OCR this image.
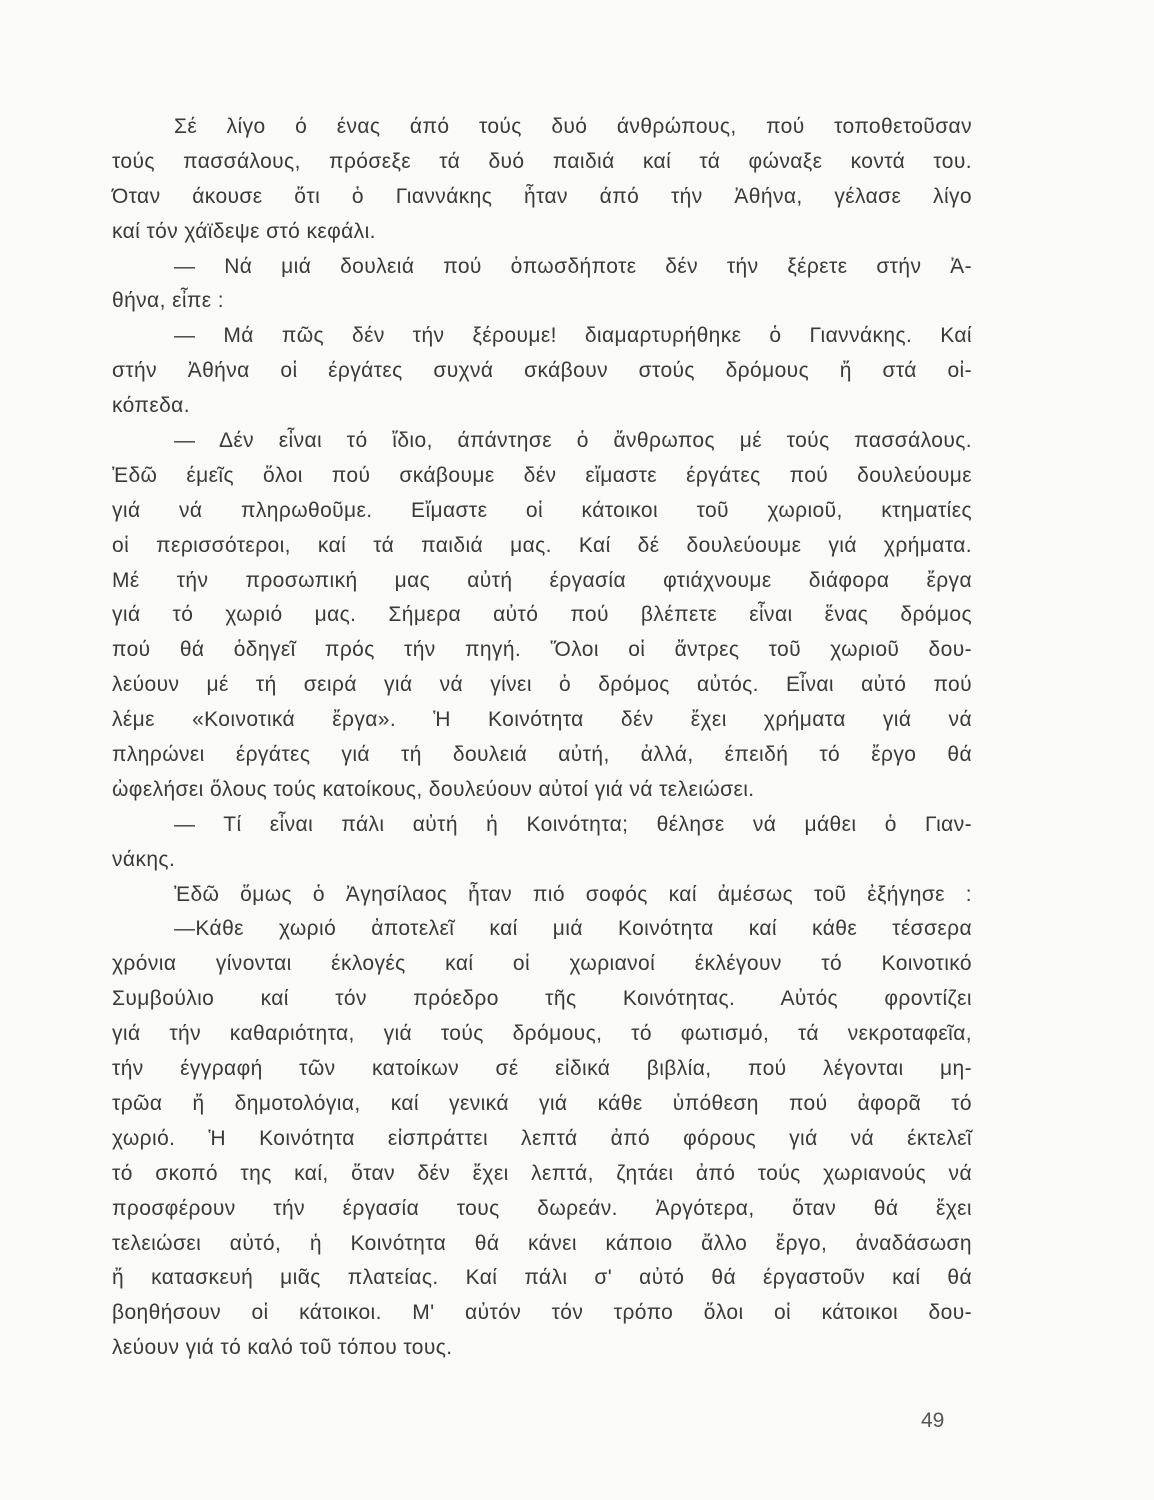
Σέ λίγο ό ένας άπό τούς δυό άνθρώπους, πού τοποθετοῦσαν
τούς πασσάλους, πρόσεξε τά δυό παιδιά καί τά φώναξε κοντά του.
Όταν άκουσε ὅτι ὁ Γιαννάκης ἦταν άπό τήν Ἀθήνα, γέλασε λίγο
καί τόν χάϊδεψε στό κεφάλι.
— Νά μιά δουλειά πού ὁπωσδήποτε δέν τήν ξέρετε στήν Ἀ-
θήνα, εἶπε :
— Μά πῶς δέν τήν ξέρουμε! διαμαρτυρήθηκε ὁ Γιαννάκης. Καί
στήν Ἀθήνα οἱ έργάτες συχνά σκάβουν στούς δρόμους ἤ στά οἰ-
κόπεδα.
— Δέν εἶναι τό ἴδιο, άπάντησε ὁ ἄνθρωπος μέ τούς πασσάλους.
Ἐδῶ έμεῖς ὅλοι πού σκάβουμε δέν εἴμαστε έργάτες πού δουλεύουμε
γιά νά πληρωθοῦμε. Εἴμαστε οἱ κάτοικοι τοῦ χωριοῦ, κτηματίες
οἱ περισσότεροι, καί τά παιδιά μας. Καί δέ δουλεύουμε γιά χρήματα.
Μέ τήν προσωπική μας αὐτή έργασία φτιάχνουμε διάφορα ἔργα
γιά τό χωριό μας. Σήμερα αὐτό πού βλέπετε εἶναι ἕνας δρόμος
πού θά ὁδηγεῖ πρός τήν πηγή. Ὅλοι οἱ ἄντρες τοῦ χωριοῦ δου-
λεύουν μέ τή σειρά γιά νά γίνει ὁ δρόμος αὐτός. Εἶναι αὐτό πού
λέμε «Κοινοτικά ἔργα». Ἡ Κοινότητα δέν ἔχει χρήματα γιά νά
πληρώνει έργάτες γιά τή δουλειά αὐτή, ἀλλά, έπειδή τό ἔργο θά
ὠφελήσει ὅλους τούς κατοίκους, δουλεύουν αὐτοί γιά νά τελειώσει.
— Τί εἶναι πάλι αὐτή ἡ Κοινότητα; θέλησε νά μάθει ὁ Γιαν-
νάκης.
Ἐδῶ ὅμως ὁ Ἀγησίλαος ἦταν πιό σοφός καί ἀμέσως τοῦ ἐξήγησε :
—Κάθε χωριό ἀποτελεῖ καί μιά Κοινότητα καί κάθε τέσσερα
χρόνια γίνονται έκλογές καί οἱ χωριανοί έκλέγουν τό Κοινοτικό
Συμβούλιο καί τόν πρόεδρο τῆς Κοινότητας. Αὐτός φροντίζει
γιά τήν καθαριότητα, γιά τούς δρόμους, τό φωτισμό, τά νεκροταφεῖα,
τήν έγγραφή τῶν κατοίκων σέ εἰδικά βιβλία, πού λέγονται μη-
τρῶα ἤ δημοτολόγια, καί γενικά γιά κάθε ὑπόθεση πού ἀφορᾶ τό
χωριό. Ἡ Κοινότητα εἰσπράττει λεπτά ἀπό φόρους γιά νά έκτελεῖ
τό σκοπό της καί, ὅταν δέν ἔχει λεπτά, ζητάει ἀπό τούς χωριανούς νά
προσφέρουν τήν έργασία τους δωρεάν. Ἀργότερα, ὅταν θά ἔχει
τελειώσει αὐτό, ἡ Κοινότητα θά κάνει κάποιο ἄλλο ἔργο, ἀναδάσωση
ἤ κατασκευή μιᾶς πλατείας. Καί πάλι σ' αὐτό θά έργαστοῦν καί θά
βοηθήσουν οἱ κάτοικοι. Μ' αὐτόν τόν τρόπο ὅλοι οἱ κάτοικοι δου-
λεύουν γιά τό καλό τοῦ τόπου τους.
49
